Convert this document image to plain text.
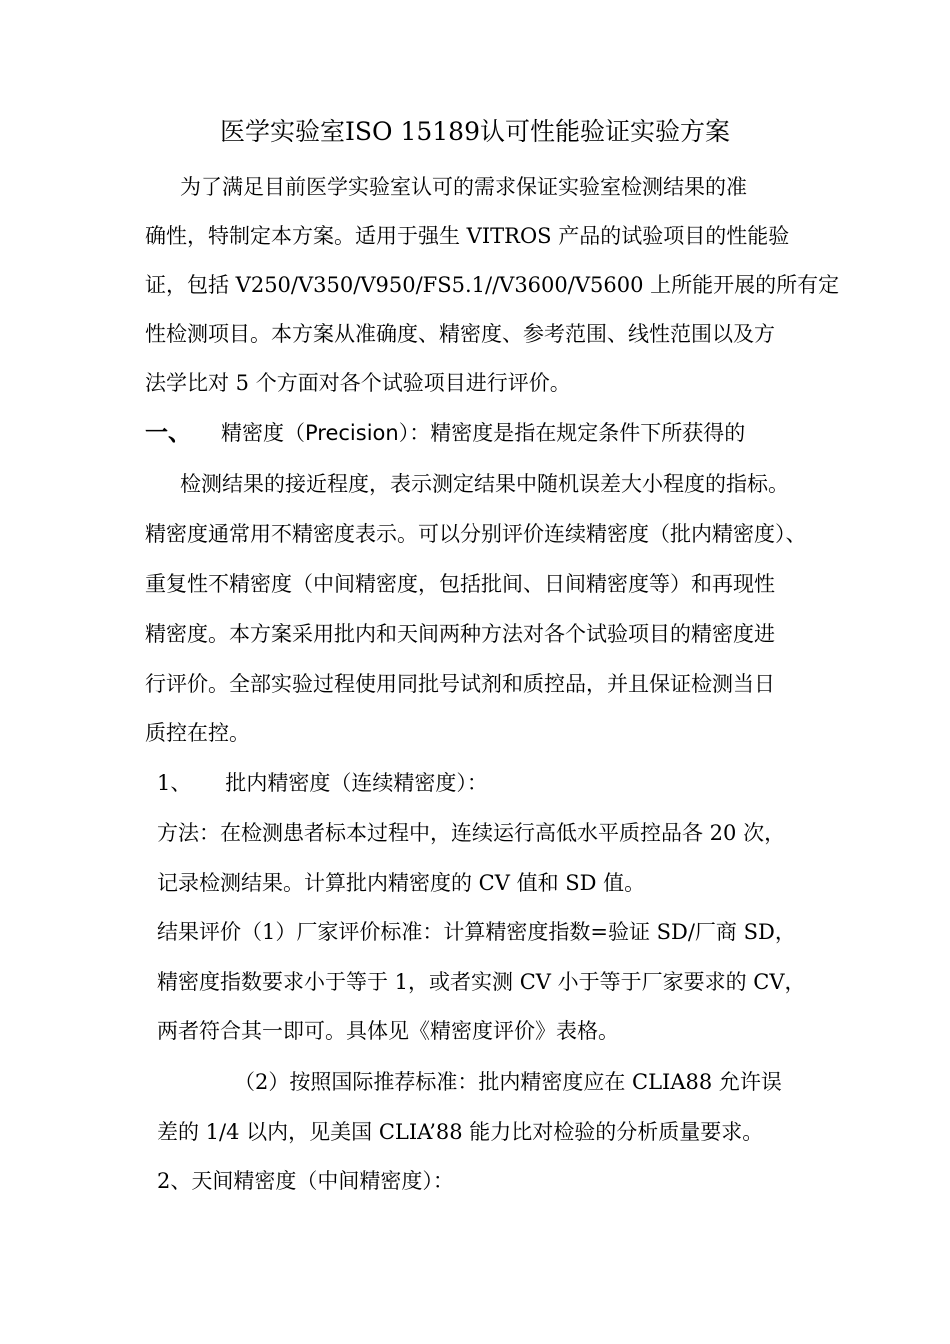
医学实验室ISO 15189认可性能验证实验方案
为了满足目前医学实验室认可的需求保证实验室检测结果的准
确性，特制定本方案。适用于强生 VITROS 产品的试验项目的性能验
证，包括 V250/V350/V950/FS5.1//V3600/V5600 上所能开展的所有定
性检测项目。本方案从准确度、精密度、参考范围、线性范围以及方
法学比对 5 个方面对各个试验项目进行评价。
一、 精密度（Precision）：精密度是指在规定条件下所获得的
检测结果的接近程度，表示测定结果中随机误差大小程度的指标。
精密度通常用不精密度表示。可以分别评价连续精密度（批内精密度）、
重复性不精密度（中间精密度，包括批间、日间精密度等）和再现性
精密度。本方案采用批内和天间两种方法对各个试验项目的精密度进
行评价。全部实验过程使用同批号试剂和质控品，并且保证检测当日
质控在控。
1、 批内精密度（连续精密度）：
方法：在检测患者标本过程中，连续运行高低水平质控品各 20 次，
记录检测结果。计算批内精密度的 CV 值和 SD 值。
结果评价（1）厂家评价标准：计算精密度指数=验证 SD/厂商 SD，
精密度指数要求小于等于 1，或者实测 CV 小于等于厂家要求的 CV，
两者符合其一即可。具体见《精密度评价》表格。
（2）按照国际推荐标准：批内精密度应在 CLIA88 允许误
差的 1/4 以内，见美国 CLIA’88 能力比对检验的分析质量要求。
2、天间精密度（中间精密度）：
